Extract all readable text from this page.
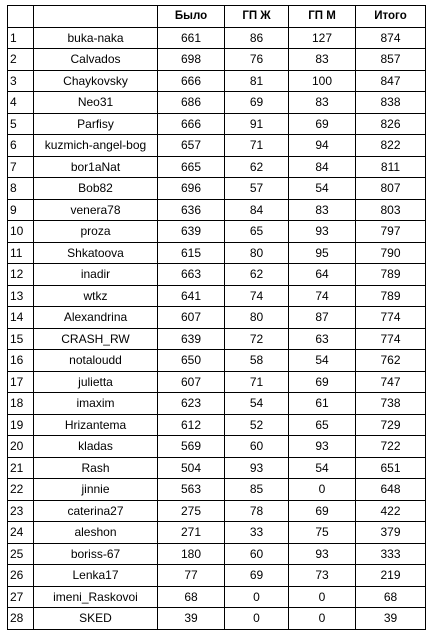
		Было	ГП Ж	ГП М	Итого
1	buka-naka	661	86	127	874
2	Calvados	698	76	83	857
3	Chaykovsky	666	81	100	847
4	Neo31	686	69	83	838
5	Parfisy	666	91	69	826
6	kuzmich-angel-bog	657	71	94	822
7	bor1aNat	665	62	84	811
8	Bob82	696	57	54	807
9	venera78	636	84	83	803
10	proza	639	65	93	797
11	Shkatoova	615	80	95	790
12	inadir	663	62	64	789
13	wtkz	641	74	74	789
14	Alexandrina	607	80	87	774
15	CRASH_RW	639	72	63	774
16	notaloudd	650	58	54	762
17	julietta	607	71	69	747
18	imaxim	623	54	61	738
19	Hrizantema	612	52	65	729
20	kladas	569	60	93	722
21	Rash	504	93	54	651
22	jinnie	563	85	0	648
23	caterina27	275	78	69	422
24	aleshon	271	33	75	379
25	boriss-67	180	60	93	333
26	Lenka17	77	69	73	219
27	imeni_Raskovoi	68	0	0	68
28	SKED	39	0	0	39
